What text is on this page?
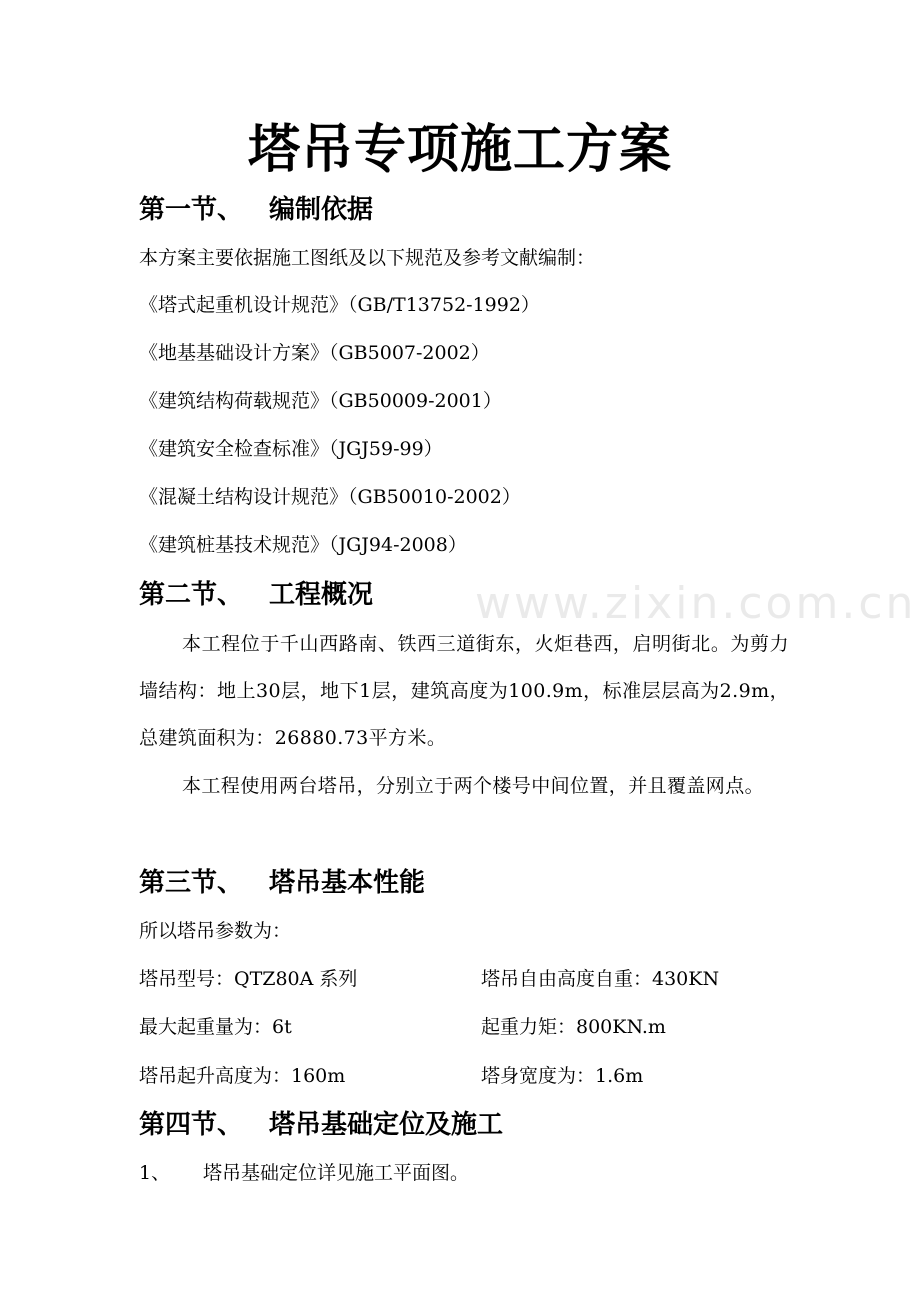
塔吊专项施工方案
第一节、 编制依据

本方案主要依据施工图纸及以下规范及参考文献编制：

《塔式起重机设计规范》（GB/T13752-1992）

《地基基础设计方案》（GB5007-2002）

《建筑结构荷载规范》（GB50009-2001）

《建筑安全检查标准》（JGJ59-99）

《混凝土结构设计规范》（GB50010-2002）

《建筑桩基技术规范》（JGJ94-2008）

第二节、 工程概况

本工程位于千山西路南、铁西三道街东，火炬巷西，启明街北。为剪力墙结构：地上30层，地下1层，建筑高度为100.9m，标准层层高为2.9m，总建筑面积为：26880.73平方米。

本工程使用两台塔吊，分别立于两个楼号中间位置，并且覆盖网点。

第三节、 塔吊基本性能

所以塔吊参数为：

塔吊型号：QTZ80A 系列	塔吊自由高度自重：430KN
最大起重量为：6t	起重力矩：800KN.m
塔吊起升高度为：160m	塔身宽度为：1.6m
第四节、 塔吊基础定位及施工

1、 塔吊基础定位详见施工平面图。

www.zixin.com.cn
